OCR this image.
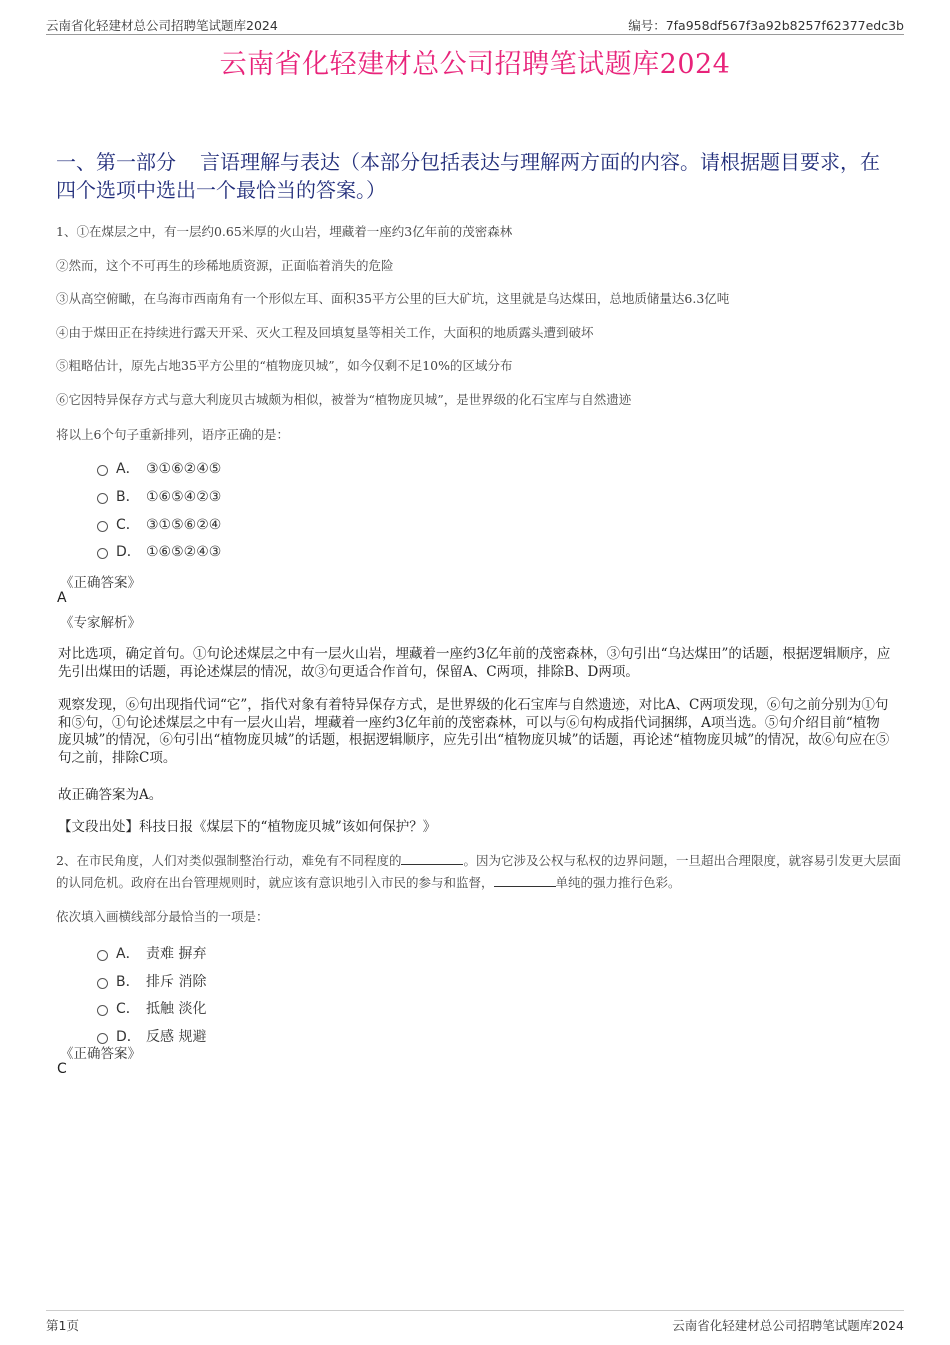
云南省化轻建材总公司招聘笔试题库2024	编号：7fa958df567f3a92b8257f62377edc3b
云南省化轻建材总公司招聘笔试题库2024
一、第一部分 言语理解与表达（本部分包括表达与理解两方面的内容。请根据题目要求，在四个选项中选出一个最恰当的答案。）
1、①在煤层之中，有一层约0.65米厚的火山岩，埋藏着一座约3亿年前的茂密森林
②然而，这个不可再生的珍稀地质资源，正面临着消失的危险
③从高空俯瞰，在乌海市西南角有一个形似左耳、面积35平方公里的巨大矿坑，这里就是乌达煤田，总地质储量达6.3亿吨
④由于煤田正在持续进行露天开采、灭火工程及回填复垦等相关工作，大面积的地质露头遭到破坏
⑤粗略估计，原先占地35平方公里的“植物庞贝城”，如今仅剩不足10%的区域分布
⑥它因特异保存方式与意大利庞贝古城颇为相似，被誉为“植物庞贝城”，是世界级的化石宝库与自然遗迹
将以上6个句子重新排列，语序正确的是：
A． ③①⑥②④⑤
B． ①⑥⑤④②③
C． ③①⑤⑥②④
D． ①⑥⑤②④③
《正确答案》
A
《专家解析》
对比选项，确定首句。①句论述煤层之中有一层火山岩，埋藏着一座约3亿年前的茂密森林，③句引出“乌达煤田”的话题，根据逻辑顺序，应先引出煤田的话题，再论述煤层的情况，故③句更适合作首句，保留A、C两项，排除B、D两项。
观察发现，⑥句出现指代词“它”，指代对象有着特异保存方式，是世界级的化石宝库与自然遗迹，对比A、C两项发现，⑥句之前分别为①句和⑤句，①句论述煤层之中有一层火山岩，埋藏着一座约3亿年前的茂密森林，可以与⑥句构成指代词捆绑，A项当选。⑤句介绍目前“植物庞贝城”的情况，⑥句引出“植物庞贝城”的话题，根据逻辑顺序，应先引出“植物庞贝城”的话题，再论述“植物庞贝城”的情况，故⑥句应在⑤句之前，排除C项。
故正确答案为A。
【文段出处】科技日报《煤层下的“植物庞贝城”该如何保护？》
2、在市民角度，人们对类似强制整治行动，难免有不同程度的	。因为它涉及公权与私权的边界问题，一旦超出合理限度，就容易引发更大层面的认同危机。政府在出台管理规则时，就应该有意识地引入市民的参与和监督，	单纯的强力推行色彩。
依次填入画横线部分最恰当的一项是：
A． 责难 摒弃
B． 排斥 消除
C． 抵触 淡化
D． 反感 规避
《正确答案》
C
第1页	云南省化轻建材总公司招聘笔试题库2024
